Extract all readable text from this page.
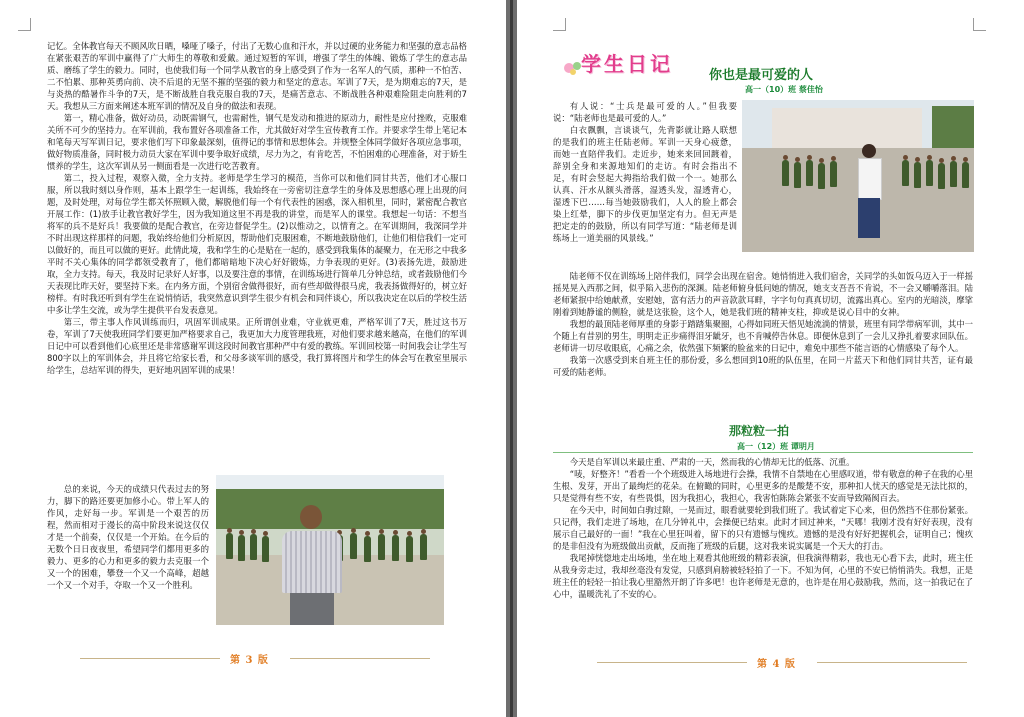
记忆。全体教官每天不顾风吹日晒，嗓哑了嗓子，付出了无数心血和汗水，并以过硬的业务能力和坚强的意志品格在紧张艰苦的军训中赢得了广大师生的尊敬和爱戴。通过短暂的军训，增强了学生的体魄、锻炼了学生的意志品质、磨练了学生的毅力。同时，也使我们每一个同学从教官的身上感受到了作为一名军人的气质，那种一不怕苦、二不怕累、那种英勇向前、决不后退的无坚不摧的坚强的毅力和坚定的意志。军训了7天，是为期难忘的7天，是与炎热的酷暑作斗争的7天，是不断战胜自我克服自我的7天，是痛苦意志、不断战胜各种艰难险阻走向胜利的7天。我想从三方面来阐述本班军训的情况及自身的做法和表现。

第一，精心准备，做好动员，动既需钢气，也需耐性，钢气是发动和推进的原动力，耐性是应付挫败，克服难关所不可少的坚持力。在军训前，我布置好各项准备工作，尤其做好对学生宣传教育工作。并要求学生带上笔记本和笔每天写军训日记，要求他们写下印象最深刻，值得记的事情和思想体会。并规整全体同学做好各项应急事项，做好物质准备，同时极力动员大家在军训中要争取好成绩，尽力为之，有肯吃苦，不怕困难的心理准备，对于娇生惯养的学生，这次军训从另一侧面看是一次进行吃苦教育。

第二，投入过程，观察入微，全力支持。老师是学生学习的模范，当你可以和他们同甘共苦，他们才心服口服，所以我时刻以身作则，基本上跟学生一起训练，我始终在一旁密切注意学生的身体及思想感心理上出现的问题，及时处理，对每位学生都关怀照顾入微，解脱他们每一个有代表性的困惑，深入相机里，同时，紧密配合教官开展工作：(1)放手让教官教好学生，因为我知道这里不再是我的讲堂，而是军人的课堂。我想起一句话：不想当将军的兵不是好兵！我要做的是配合教官，在旁边督促学生。(2)以惟动之，以情育之。在军训期间，我深同学并不时出现这样那样的问题，我始终给他们分析原因，帮助他们克服困难，不断地鼓励他们，让他们相信我们一定可以做好的，而且可以做的更好。此情此境，我和学生的心是贴在一起的，感受到我集体的凝聚力，在无形之中我多平时不关心集体的同学都领受教育了，他们都暗暗地下决心好好锻炼，力争表现的更好。(3)表扬先进，鼓励进取，全力支持。每天，我及时记录好人好事，以及要注意的事情，在训练场进行简单几分钟总结，或者鼓励他们今天表现比昨天好，要坚持下来。在内务方面，个别宿舍做得很好，而有些却做得很马虎，我表扬做得好的，树立好榜样。有时我还听到有学生在说悄悄话，我突然意识到学生很少有机会和同伴谈心，所以我决定在以后的学校生活中多让学生交流，或为学生提供平台发表意见。

第三，带主事人作风训练而归，巩固军训成果。正所谓创业难，守业就更难，严格军训了7天，胜过这书万卷，军训了7天使我班同学们要更加严格要求自己，我更加大力度管理我班，对他们要求越来越高，在他们的军训日记中可以看到他们心底里还是非常感谢军训这段时间教官那种严中有爱的教练。军训回校第一时间我会让学生写800字以上的军训体会，并且将它给家长看，和父母多谈军训的感受，我打算将图片和学生的体会写在教室里展示给学生，总结军训的得失，更好地巩固军训的成果！

总的来说，今天的成绩只代表过去的努力，脚下的路还要更加修小心。带上军人的作风，走好每一步。军训是一个艰苦的历程，然而相对于漫长的高中阶段来说这仅仅才是一个前奏，仅仅是一个开始。在今后的无数个日日夜夜里，希望同学们都用更多的毅力、更多的心力和更多的毅力去克服一个又一个的困难，攀登一个又一个高峰，超越一个又一个对手，夺取一个又一个胜利。

第 3 版
学生日记	你也是最可爱的人
高一（10）班 蔡佳怡

有人说：“士兵是最可爱的人。”但我要说：“陆老师也是最可爱的人。”

白衣飘飘，言谈谈气，先背影就让路人联想的是我们的班主任陆老师。军训一天身心疲惫，而她一直陪伴我们。走近步，她来来回回踱着，辞别全身和来源地知们的走访。有时会指出不足，有时会竖起大拇指给我们做一个一。她那么认真、汗水从额头滑落，湿透头发，湿透背心，湿透下巴……每当她鼓励我们，人人的脸上都会染上红晕，脚下的步伐更加坚定有力。但无声是把定走的的鼓励，所以有同学写道：“陆老师是训练场上一道美丽的风景线。”

陆老师不仅在训练场上陪伴我们，同学会出现在宿舍。她悄悄进入我们宿舍，关同学的头如饭乌迈入于一样摇摇晃晃入西那之间，似乎陷入悲伤的深渊。陆老师俯身低问她的情况，她支支吾吾不肯说，不一会又嚼嚼落泪。陆老师紧抿中给她献煮，安慰她，富有活力的声音款款耳畔，字字句句真真切切，流露出真心。室内的光暗淡，摩挲刚着到她静谧的侧脸，就是这张脸，这个人，她是我们班的精神支柱，抑或是说心目中的女神。

我想的最顶陆老师厚重的身影于踏踏集聚圈，心得如同班天悟见她流淌的情景，班里有同学带病军训，其中一个随上有昔别的男生，明明走正步痛得泪牙龇牙，也不肯喊停告休息。即便休息到了一会儿又挣扎着要求回队伍。老师讲一切尽收眼底，心痛之余，依然强下频繁的脸盆来的日记中，难免中那些不能言语的心情感染了每个人。

我第一次感受到来自班主任的那份爱，多么想回到10班的队伍里，在同一片蓝天下和他们同甘共苦，证有最可爱的陆老师。

那粒粒一拍
高一（12）班 谭明月

今天是自军训以来最庄重、严肃的一天，然而我的心情却无比的低落、沉重。

“唛，好整齐！”看看一个个班级进入场地进行会操，我情不自禁地在心里感叹道，带有敬意的种子在我的心里生根、发芽，开出了最绚烂的花朵。在俯瞰的同时，心里更多的是酸楚不安，那种扣人忧天的感觉是无法比拟的，只是觉得有些不安，有些畏惧，因为我担心，我担心，我害怕陈陈会紧张不安而导致隔阂百去。

在今天中，时间如白驹过隙，一晃而过，眼看就要轮到我们班了。我试着定下心来，但仍然挡不住那份紧张。只记得，我们走进了场地，在几分钟礼中，会操便已结束。此时才回过神来，“天哪！我刚才没有好好表现，没有展示自己最好的一面！”我在心里狂叫着，留下的只有遗憾与愧疚。遗憾的是没有好好把握机会，证明自己；愧疚的是非但没有为班级做出贡献，反而拖了班级的后腿，这对我来说实属是一个天大的打击。

我尾掉恍惚地走出场地，坐在地上观看其他班级的精彩表演，但我演得精彩，我也无心看下去，此时，班主任从我身旁走过，我却丝毫没有发觉，只感到肩膀被轻轻拍了一下。不知为何，心里的不安已悄悄消失。我想，正是班主任的轻轻一拍让我心里豁然开朗了许多吧！也许老师是无意的，也许是在用心鼓励我，然而，这一拍我记在了心中，温暖洗礼了不安的心。

第 4 版
